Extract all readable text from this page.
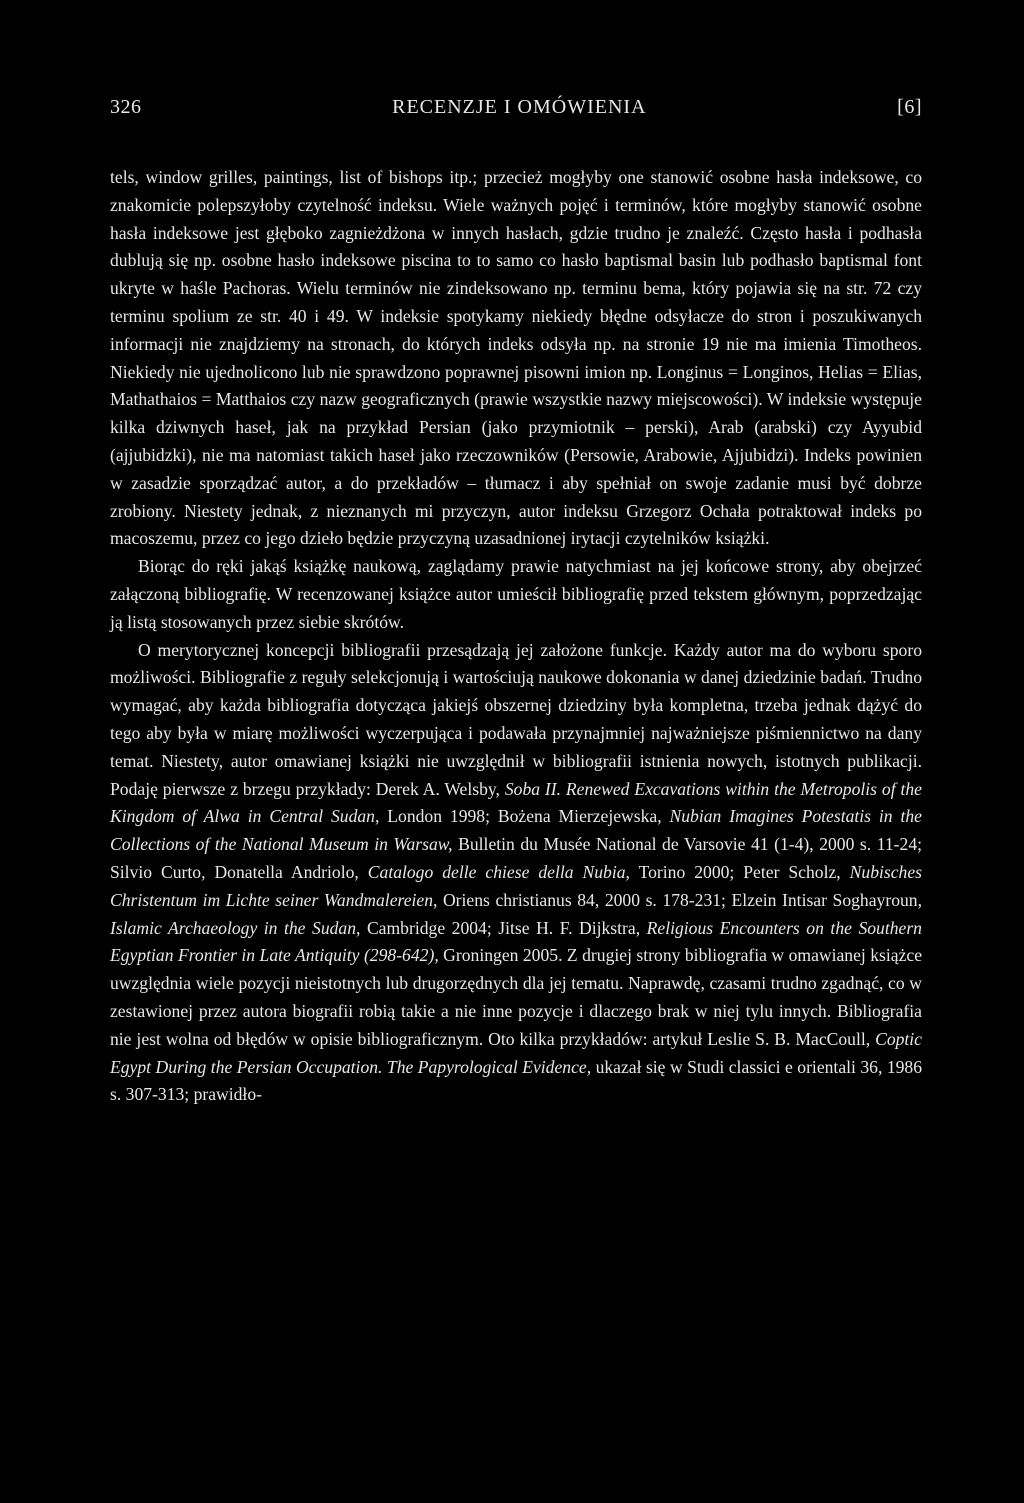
326	RECENZJE I OMÓWIENIA	[6]

tels, window grilles, paintings, list of bishops itp.; przecież mogłyby one stanowić osobne hasła indeksowe, co znakomicie polepszyłoby czytelność indeksu. Wiele ważnych pojęć i terminów, które mogłyby stanowić osobne hasła indeksowe jest głęboko zagnieżdżona w innych hasłach, gdzie trudno je znaleźć. Często hasła i podhasła dublują się np. osobne hasło indeksowe piscina to to samo co hasło baptismal basin lub podhasło baptismal font ukryte w haśle Pachoras. Wielu terminów nie zindeksowano np. terminu bema, który pojawia się na str. 72 czy terminu spolium ze str. 40 i 49. W indeksie spotykamy niekiedy błędne odsyłacze do stron i poszukiwanych informacji nie znajdziemy na stronach, do których indeks odsyła np. na stronie 19 nie ma imienia Timotheos. Niekiedy nie ujednolicono lub nie sprawdzono poprawnej pisowni imion np. Longinus = Longinos, Helias = Elias, Mathathaios = Matthaios czy nazw geograficznych (prawie wszystkie nazwy miejscowości). W indeksie występuje kilka dziwnych haseł, jak na przykład Persian (jako przymiotnik – perski), Arab (arabski) czy Ayyubid (ajjubidzki), nie ma natomiast takich haseł jako rzeczowników (Persowie, Arabowie, Ajjubidzi). Indeks powinien w zasadzie sporządzać autor, a do przekładów – tłumacz i aby spełniał on swoje zadanie musi być dobrze zrobiony. Niestety jednak, z nieznanych mi przyczyn, autor indeksu Grzegorz Ochała potraktował indeks po macoszemu, przez co jego dzieło będzie przyczyną uzasadnionej irytacji czytelników książki.

Biorąc do ręki jakąś książkę naukową, zaglądamy prawie natychmiast na jej końcowe strony, aby obejrzeć załączoną bibliografię. W recenzowanej książce autor umieścił bibliografię przed tekstem głównym, poprzedzając ją listą stosowanych przez siebie skrótów.

O merytorycznej koncepcji bibliografii przesądzają jej założone funkcje. Każdy autor ma do wyboru sporo możliwości. Bibliografie z reguły selekcjonują i wartościują naukowe dokonania w danej dziedzinie badań. Trudno wymagać, aby każda bibliografia dotycząca jakiejś obszernej dziedziny była kompletna, trzeba jednak dążyć do tego aby była w miarę możliwości wyczerpująca i podawała przynajmniej najważniejsze piśmiennictwo na dany temat. Niestety, autor omawianej książki nie uwzględnił w bibliografii istnienia nowych, istotnych publikacji. Podaję pierwsze z brzegu przykłady: Derek A. Welsby, Soba II. Renewed Excavations within the Metropolis of the Kingdom of Alwa in Central Sudan, London 1998; Bożena Mierzejewska, Nubian Imagines Potestatis in the Collections of the National Museum in Warsaw, Bulletin du Musée National de Varsovie 41 (1-4), 2000 s. 11-24; Silvio Curto, Donatella Andriolo, Catalogo delle chiese della Nubia, Torino 2000; Peter Scholz, Nubisches Christentum im Lichte seiner Wandmalereien, Oriens christianus 84, 2000 s. 178-231; Elzein Intisar Soghayroun, Islamic Archaeology in the Sudan, Cambridge 2004; Jitse H. F. Dijkstra, Religious Encounters on the Southern Egyptian Frontier in Late Antiquity (298-642), Groningen 2005. Z drugiej strony bibliografia w omawianej książce uwzględnia wiele pozycji nieistotnych lub drugorzędnych dla jej tematu. Naprawdę, czasami trudno zgadnąć, co w zestawionej przez autora biografii robią takie a nie inne pozycje i dlaczego brak w niej tylu innych. Bibliografia nie jest wolna od błędów w opisie bibliograficznym. Oto kilka przykładów: artykuł Leslie S. B. MacCoull, Coptic Egypt During the Persian Occupation. The Papyrological Evidence, ukazał się w Studi classici e orientali 36, 1986 s. 307-313; prawidło-
